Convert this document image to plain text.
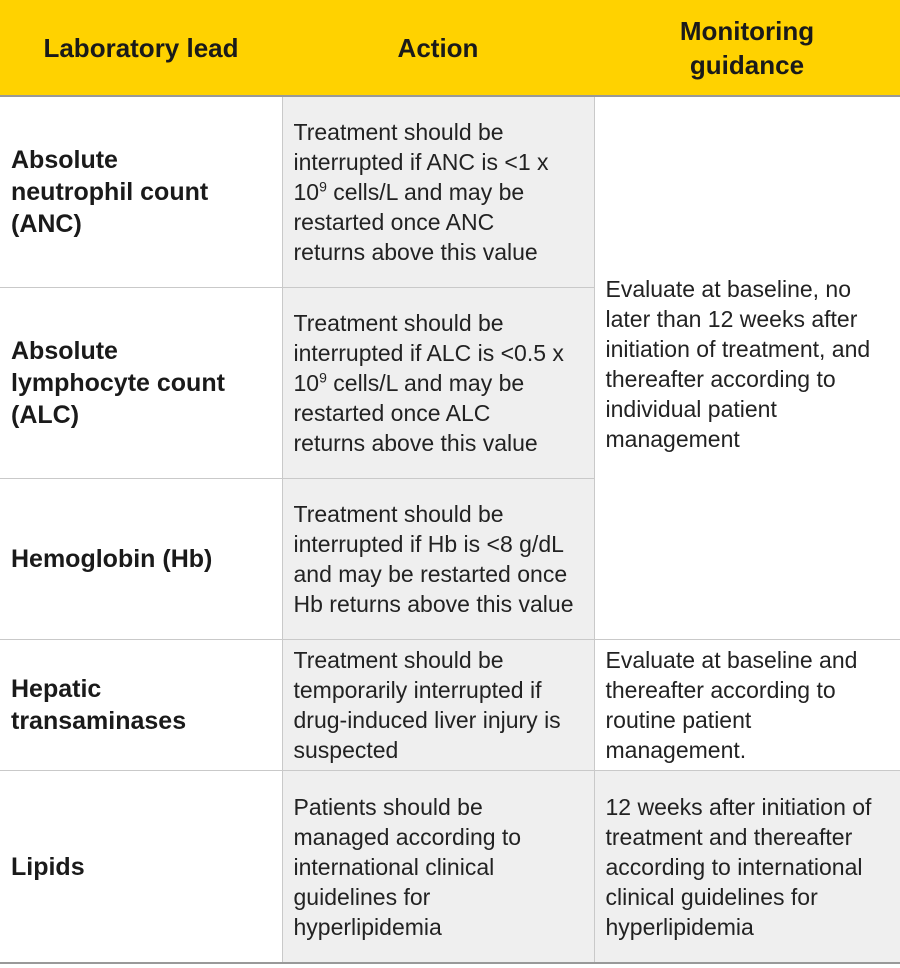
Laboratory lead	Action	Monitoring guidance

Absolute neutrophil count (ANC)	Treatment should be interrupted if ANC is <1 x $10^9$ cells/L and may be restarted once ANC returns above this value	Evaluate at baseline, no later than 12 weeks after initiation of treatment, and thereafter according to individual patient management

Absolute lymphocyte count (ALC)	Treatment should be interrupted if ALC is <0.5 x $10^9$ cells/L and may be restarted once ALC returns above this value	

Hemoglobin (Hb)	Treatment should be interrupted if Hb is <8 g/dL and may be restarted once Hb returns above this value	

Hepatic transaminases	Treatment should be temporarily interrupted if drug-induced liver injury is suspected	Evaluate at baseline and thereafter according to routine patient management.

Lipids	Patients should be managed according to international clinical guidelines for hyperlipidemia	12 weeks after initiation of treatment and thereafter according to international clinical guidelines for hyperlipidemia
